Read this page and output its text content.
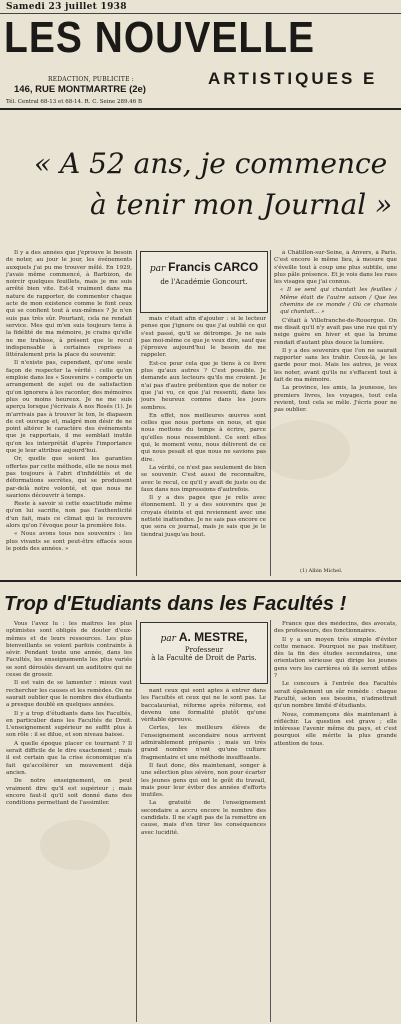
Samedi 23 juillet 1938
LES NOUVELLE
ARTISTIQUES E
REDACTION, PUBLICITE :
146, RUE MONTMARTRE (2e)
Tél. Central 68-13 et 68-14. R. C. Seine 289.46 B
« A 52 ans, je commence
à tenir mon Journal »

Il y a des années que j'éprouve le besoin de noter, au jour le jour, les événements auxquels j'ai pu me trouver mêlé. En 1929, j'avais même commencé, à Barbizon, de noircir quelques feuillets, mais je me suis arrêté bien vite. Est-il vraiment dans ma nature de rapporter, de commenter chaque acte de mon existence comme le font ceux qui se confient tout à eux-mêmes ? Je n'en suis pas très sûr. Pourtant, cela ne rendait service. Mes qui m'en suis toujours tenu à la fidélité de ma mémoire, je crains qu'elle ne me trahisse, à présent que le recul indispensable à certaines reprises a littéralement pris la place du souvenir.

Il n'existe pas, cependant, qu'une seule façon de respecter la vérité : celle qu'on emploie dans les « Souvenirs » comporte un arrangement de sujet ou de satisfaction qu'on ignorera à les raconter, des mémoires plus ou moins heureux. Je ne me suis aperçu lorsque j'écrivais À nos Rosés (1). Je m'arrivais pas à trouver le ton, le diapason de cet ouvrage et, malgré mon désir de ne point altérer le caractère des événements que je rapportais, il me semblait inutile qu'on les interprétât d'après l'importance que je leur attribue aujourd'hui.

Or, quelle que soient les garanties offertes par cette méthode, elle ne nous met pas toujours à l'abri d'infidélités et de déformations secrètes, qui se produisent par-delà notre volonté, et que nous ne saurions découvrir à temps.

Reste à savoir si cette exactitude même qu'on lui sacrifie, non pas l'authenticité d'un fait, mais ce climat qui le recouvre alors qu'on l'évoque pour la première fois.

« Nous avons tous nos souvenirs : les plus vivants se sont peut-être effacés sous le poids des années. »

par Francis CARCO
de l'Académie Goncourt.

mais c'était afin d'ajouter : si le lecteur pense que j'ignore ou que j'ai oublié ce qui s'est passé, qu'il se détrompe. Je ne sais pas moi-même ce que je veux dire, sauf que j'éprouve aujourd'hui le besoin de me rappeler.

Est-ce pour cela que je tiens à ce livre plus qu'aux autres ? C'est possible. Je demande aux lecteurs qu'ils me croient. Je n'ai pas d'autre prétention que de noter ce que j'ai vu, ce que j'ai ressenti, dans les jours heureux comme dans les jours sombres.

En effet, nos meilleures œuvres sont celles que nous portons en nous, et que nous mettons du temps à écrire, parce qu'elles nous ressemblent. Ce sont elles qui, le moment venu, nous délivrent de ce qui nous pesait et que nous ne savions pas dire.

La vérité, ce n'est pas seulement de bien se souvenir. C'est aussi de reconnaître, avec le recul, ce qu'il y avait de juste ou de faux dans nos impressions d'autrefois.

Il y a des pages que je relis avec étonnement. Il y a des souvenirs que je croyais éteints et qui reviennent avec une netteté inattendue. Je ne sais pas encore ce que sera ce journal, mais je sais que je le tiendrai jusqu'au bout.

à Châtillon-sur-Seine, à Anvers, à Paris. C'est encore le même lieu, à mesure que s'éveille tout à coup une plus subtile, une plus pâle présence. Et je vois dans les rues les visages que j'ai connus.

« Il se sent qui chantait les feuilles / Même était de l'autre saison / Que les chemins de ce monde / Où ce chamois qui chantait... »

C'était à Villefranche-de-Rouergue. On me disait qu'il n'y avait pas une rue qui n'y neige guère en hiver et que la brume rendait d'autant plus douce la lumière.

Il y a des souvenirs que l'on ne saurait rapporter sans les trahir. Ceux-là, je les garde pour moi. Mais les autres, je veux les noter, avant qu'ils ne s'effacent tout à fait de ma mémoire.

La province, les amis, la jeunesse, les premiers livres, les voyages, tout cela revient, tout cela se mêle. J'écris pour ne pas oublier.

(1) Albin Michel.
Trop d'Etudiants dans les Facultés !

Vous l'avez lu : les maîtres les plus optimistes sont obligés de douter d'eux-mêmes et de leurs ressources. Les plus bienveillants se voient parfois contraints à sévir. Pendant toute une année, dans les Facultés, les enseignements les plus variés se sont déroulés devant un auditoire qui ne cesse de grossir.

Il est vain de se lamenter : mieux vaut rechercher les causes et les remèdes. On ne saurait oublier que le nombre des étudiants a presque doublé en quelques années.

Il y a trop d'étudiants dans les Facultés, en particulier dans les Facultés de Droit. L'enseignement supérieur ne suffit plus à son rôle : il se dilue, et son niveau baisse.

A quelle époque placer ce tournant ? Il serait difficile de le dire exactement ; mais il est certain que la crise économique n'a fait qu'accélérer un mouvement déjà ancien.

De notre enseignement, on peut vraiment dire qu'il est supérieur ; mais encore faut-il qu'il soit donné dans des conditions permettant de l'assimiler.

par A. MESTRE,
Professeur
à la Faculté de Droit de Paris.

nant ceux qui sont aptes à entrer dans les Facultés et ceux qui ne le sont pas. Le baccalauréat, réforme après réforme, est devenu une formalité plutôt qu'une véritable épreuve.

Certes, les meilleurs élèves de l'enseignement secondaire nous arrivent admirablement préparés ; mais un très grand nombre n'ont qu'une culture fragmentaire et une méthode insuffisante.

Il faut donc, dès maintenant, songer à une sélection plus sévère, non pour écarter les jeunes gens qui ont le goût du travail, mais pour leur éviter des années d'efforts inutiles.

La gratuité de l'enseignement secondaire a accru encore le nombre des candidats. Il ne s'agit pas de la remettre en cause, mais d'en tirer les conséquences avec lucidité.

France que des médecins, des avocats, des professeurs, des fonctionnaires.

Il y a un moyen très simple d'éviter cette menace. Pourquoi ne pas instituer, dès la fin des études secondaires, une orientation sérieuse qui dirige les jeunes gens vers les carrières où ils seront utiles ?

Le concours à l'entrée des Facultés serait également un sûr remède : chaque Faculté, selon ses besoins, n'admettrait qu'un nombre limité d'étudiants.

Nous, commençons dès maintenant à réfléchir. La question est grave ; elle intéresse l'avenir même du pays, et c'est pourquoi elle mérite la plus grande attention de tous.
